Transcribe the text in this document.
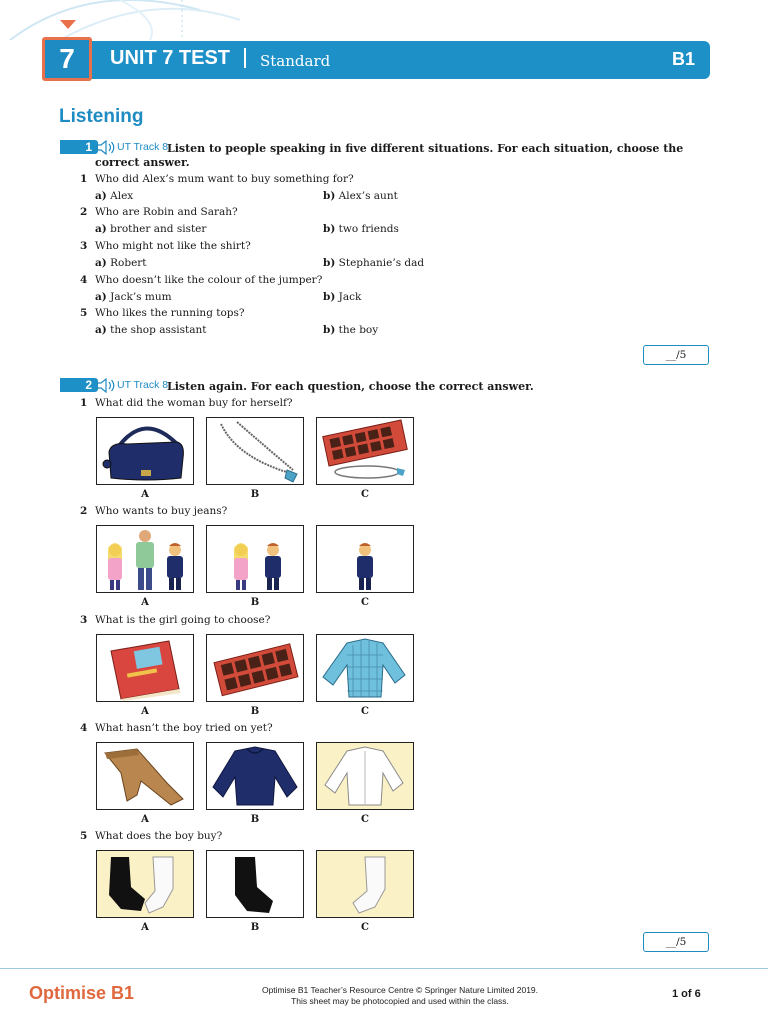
7	UNIT 7 TEST Standard	B1
Listening
1	UT Track 8
Listen to people speaking in five different situations. For each situation, choose the
correct answer.
1 Who did Alex’s mum want to buy something for?
a) Alex	b) Alex’s aunt
2 Who are Robin and Sarah?
a) brother and sister	b) two friends
3 Who might not like the shirt?
a) Robert	b) Stephanie’s dad
4 Who doesn’t like the colour of the jumper?
a) Jack’s mum	b) Jack
5 Who likes the running tops?
a) the shop assistant	b) the boy
__/5
2	UT Track 8
Listen again. For each question, choose the correct answer.
1 What did the woman buy for herself?
A	B	C
2 Who wants to buy jeans?
A	B	C
3 What is the girl going to choose?
A	B	C
4 What hasn’t the boy tried on yet?
A	B	C
5 What does the boy buy?
A	B	C
__/5
Optimise B1	Optimise B1 Teacher’s Resource Centre © Springer Nature Limited 2019.
This sheet may be photocopied and used within the class.
1 of 6
